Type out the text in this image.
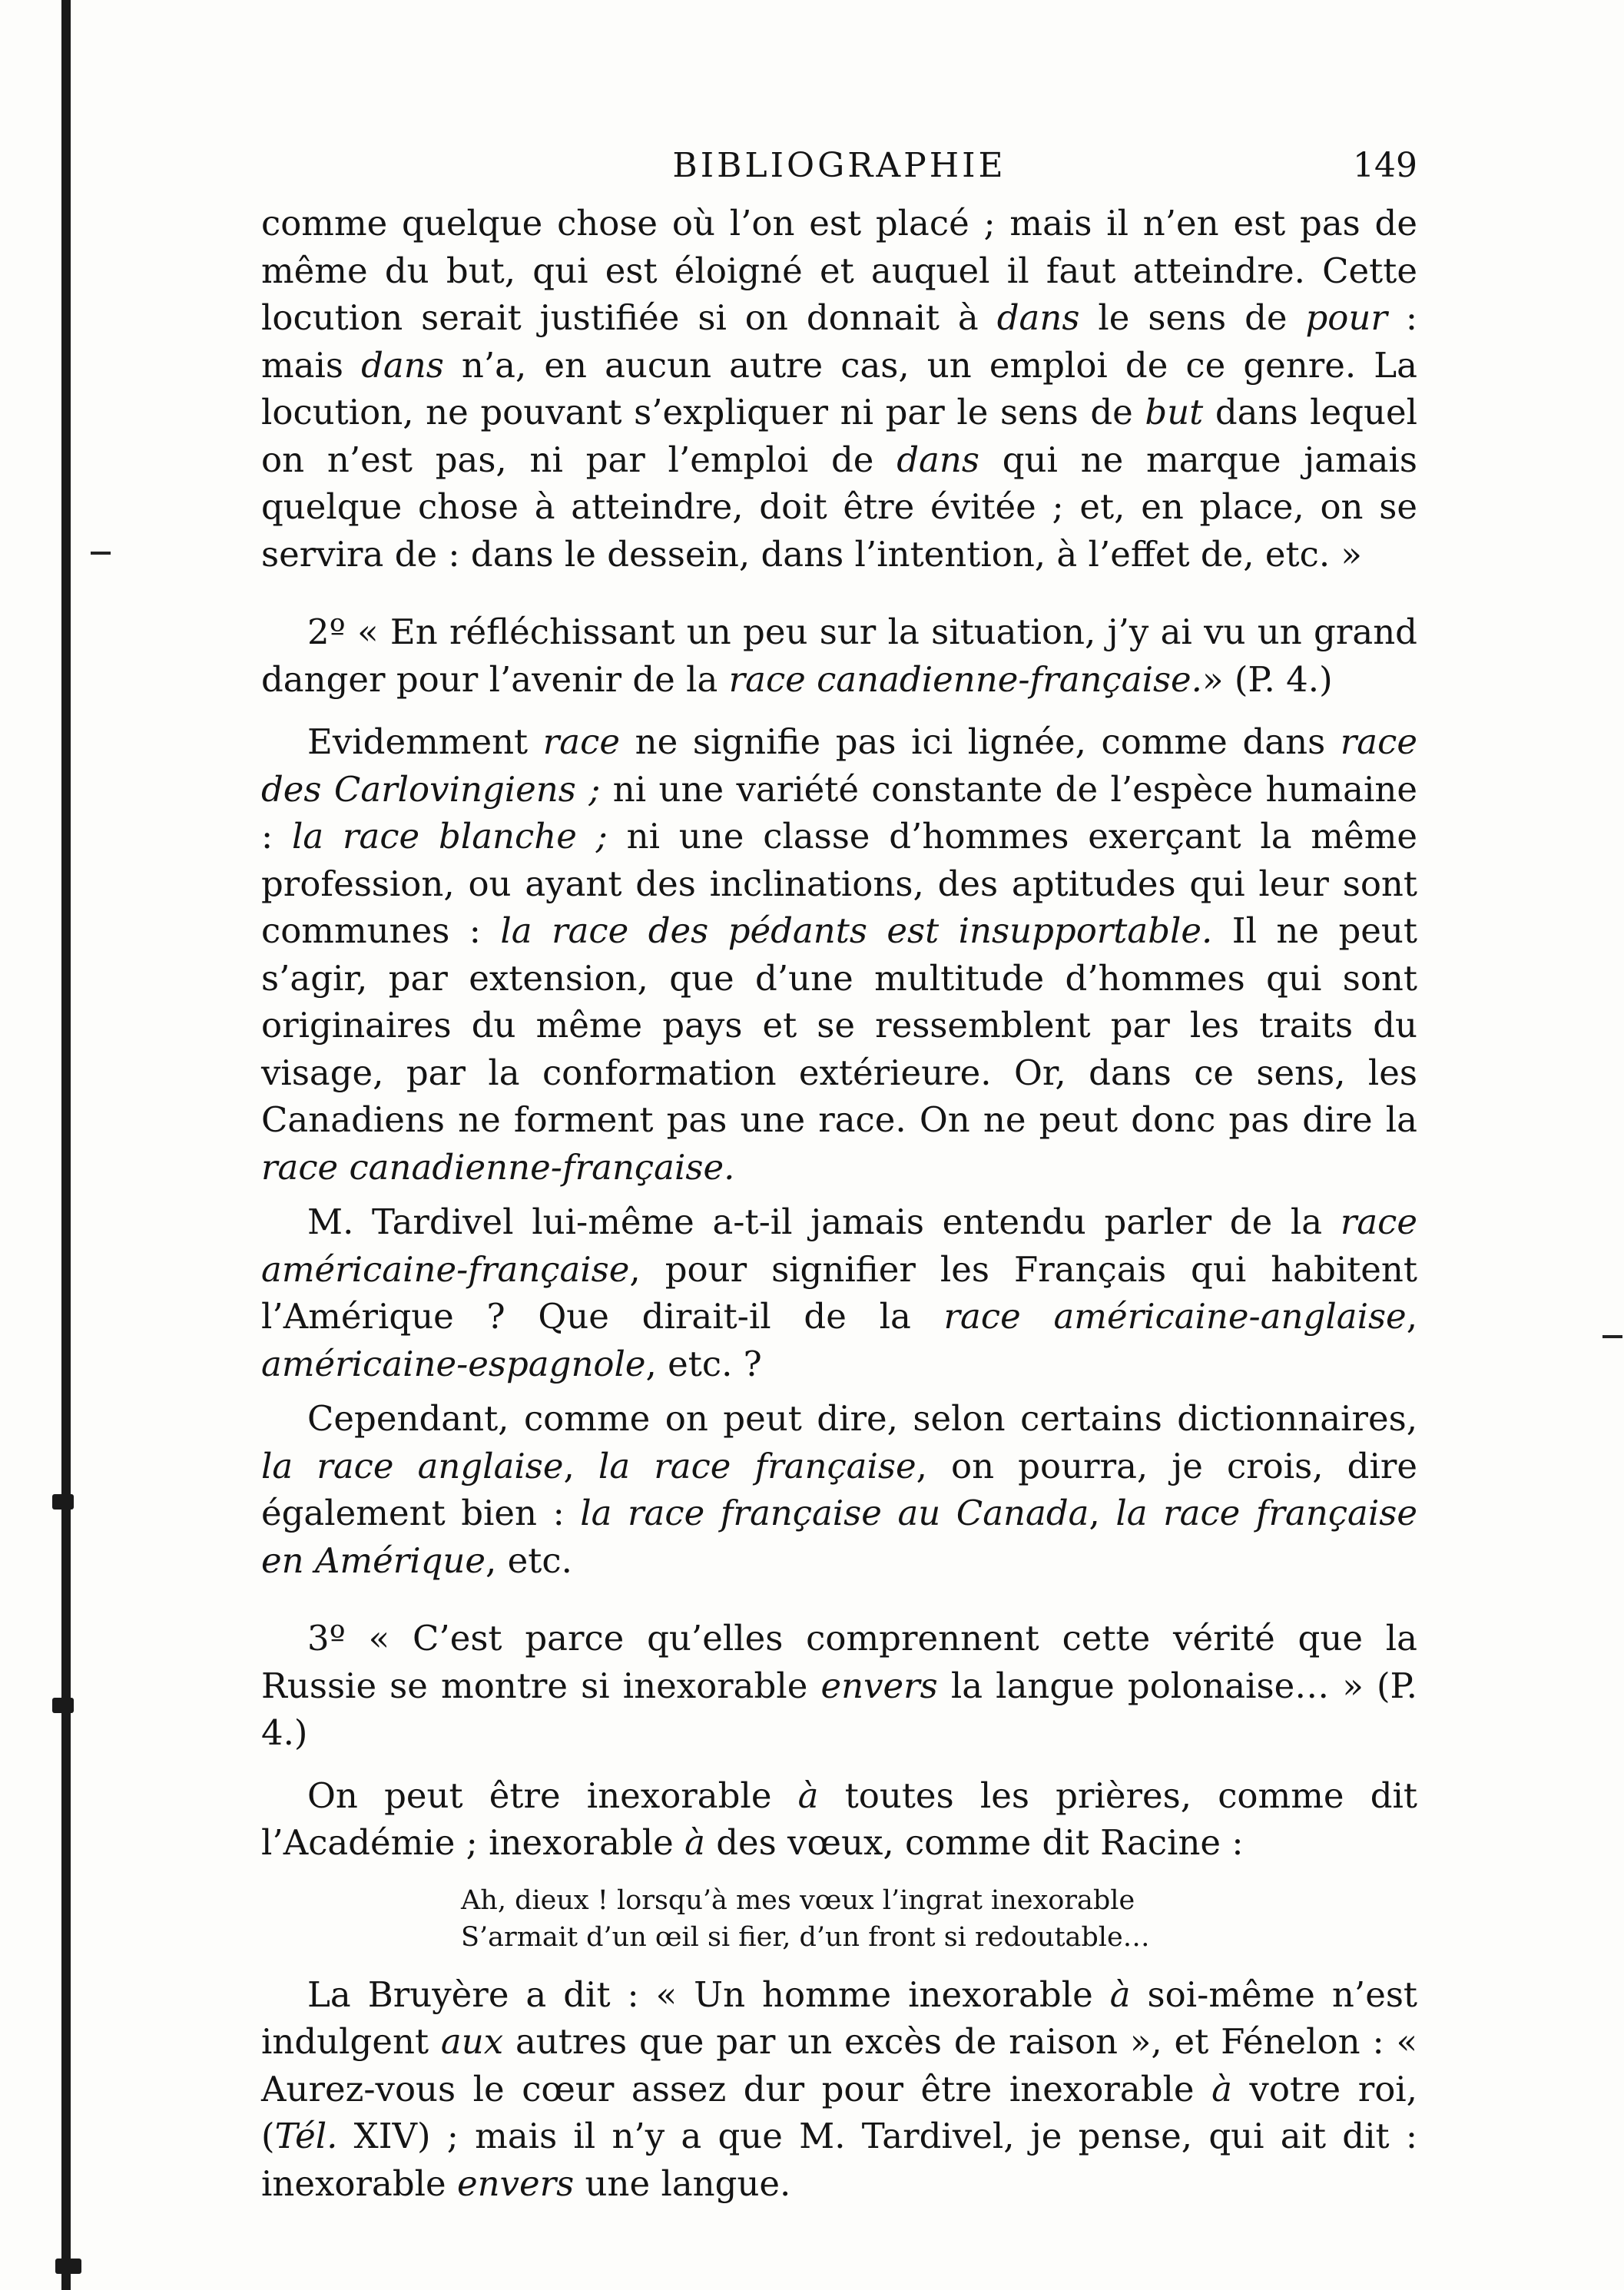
BIBLIOGRAPHIE	149

comme quelque chose où l’on est placé ; mais il n’en est pas de même du but, qui est éloigné et auquel il faut atteindre. Cette locution serait justifiée si on donnait à dans le sens de pour : mais dans n’a, en aucun autre cas, un emploi de ce genre. La locution, ne pouvant s’expliquer ni par le sens de but dans lequel on n’est pas, ni par l’emploi de dans qui ne marque jamais quelque chose à atteindre, doit être évitée ; et, en place, on se servira de : dans le dessein, dans l’intention, à l’effet de, etc. »

2º « En réfléchissant un peu sur la situation, j’y ai vu un grand danger pour l’avenir de la race canadienne-française.» (P. 4.)

Evidemment race ne signifie pas ici lignée, comme dans race des Carlovingiens ; ni une variété constante de l’espèce humaine : la race blanche ; ni une classe d’hommes exerçant la même profession, ou ayant des inclinations, des aptitudes qui leur sont communes : la race des pédants est insupportable. Il ne peut s’agir, par extension, que d’une multitude d’hommes qui sont originaires du même pays et se ressemblent par les traits du visage, par la conformation extérieure. Or, dans ce sens, les Canadiens ne forment pas une race. On ne peut donc pas dire la race canadienne-française.

M. Tardivel lui-même a-t-il jamais entendu parler de la race américaine-française, pour signifier les Français qui habitent l’Amérique ? Que dirait-il de la race américaine-anglaise, américaine-espagnole, etc. ?

Cependant, comme on peut dire, selon certains dictionnaires, la race anglaise, la race française, on pourra, je crois, dire également bien : la race française au Canada, la race française en Amérique, etc.

3º « C’est parce qu’elles comprennent cette vérité que la Russie se montre si inexorable envers la langue polonaise… » (P. 4.)

On peut être inexorable à toutes les prières, comme dit l’Académie ; inexorable à des vœux, comme dit Racine :

Ah, dieux ! lorsqu’à mes vœux l’ingrat inexorable
S’armait d’un œil si fier, d’un front si redoutable…

La Bruyère a dit : « Un homme inexorable à soi-même n’est indulgent aux autres que par un excès de raison », et Fénelon : « Aurez-vous le cœur assez dur pour être inexorable à votre roi, (Tél. XIV) ; mais il n’y a que M. Tardivel, je pense, qui ait dit : inexorable envers une langue.
